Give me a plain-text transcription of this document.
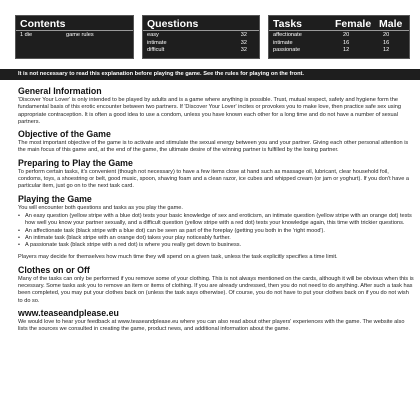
Contents
1 die	game rules
Questions
easy	32
intimate	32
difficult	32
Tasks	Female Male
affectionate	20	20
intimate	16	16
passionate	12	12
It is not necessary to read this explanation before playing the game. See the rules for playing on the front.
General Information

'Discover Your Lover' is only intended to be played by adults and is a game where anything is possible. Trust, mutual respect, safety and hygiene form the fundamental basis of this erotic encounter between two partners. If 'Discover Your Lover' incites or provokes you to make love, then practice safe sex using appropriate contraception. It is often a good idea to use a condom, unless you have known each other for a long time and do not have a number of sexual partners.

Objective of the Game

The most important objective of the game is to activate and stimulate the sexual energy between you and your partner. Giving each other personal attention is the main focus of this game and, at the end of the game, the ultimate desire of the winning partner is fulfilled by the losing partner.

Preparing to Play the Game

To perform certain tasks, it's convenient (though not necessary) to have a few items close at hand such as massage oil, lubricant, clear household foil, condoms, toys, a shoestring or belt, good music, spoon, shaving foam and a clean razor, ice cubes and whipped cream (or jam or yoghurt). If you don't have a particular item, just go on to the next task card.

Playing the Game

You will encounter both questions and tasks as you play the game.

• An easy question (yellow stripe with a blue dot) tests your basic knowledge of sex and eroticism, an intimate question (yellow stripe with an orange dot) tests how well you know your partner sexually, and a difficult question (yellow stripe with a red dot) tests your knowledge again, this time with trickier questions.
• An affectionate task (black stripe with a blue dot) can be seen as part of the foreplay (getting you both in the 'right mood').
• An intimate task (black stripe with an orange dot) takes your play noticeably further.
• A passionate task (black stripe with a red dot) is where you really get down to business.

Players may decide for themselves how much time they will spend on a given task, unless the task explicitly specifies a time limit.

Clothes on or Off

Many of the tasks can only be performed if you remove some of your clothing. This is not always mentioned on the cards, although it will be obvious when this is necessary. Some tasks ask you to remove an item or items of clothing. If you are already undressed, then you do not need to do anything. After such a task has been completed, you may put your clothes back on (unless the task says otherwise). Of course, you do not have to put your clothes back on if you do not wish to do so.

www.teaseandplease.eu

We would love to hear your feedback at www.teaseandplease.eu where you can also read about other players' experiences with the game. The website also lists the sources we consulted in creating the game, product news, and additional information about the game.
